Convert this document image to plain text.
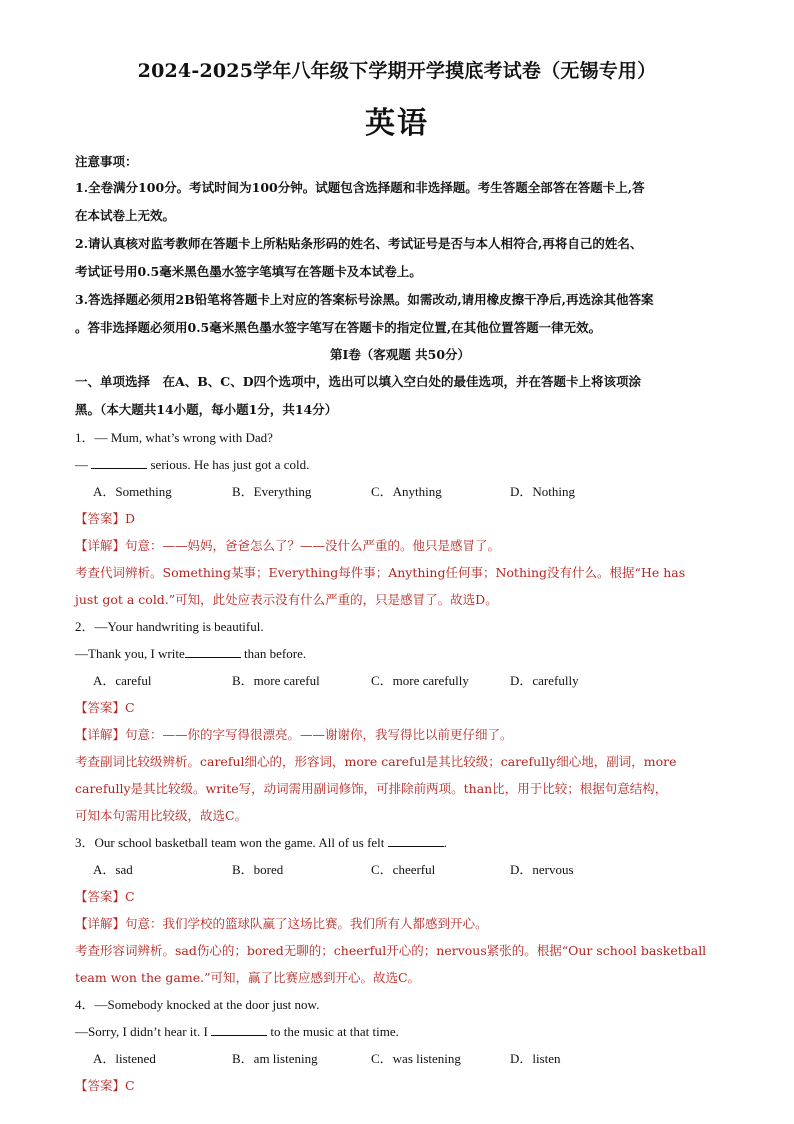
2024-2025学年八年级下学期开学摸底考试卷（无锡专用）
英语
注意事项：
1.全卷满分100分。考试时间为100分钟。试题包含选择题和非选择题。考生答题全部答在答题卡上,答
在本试卷上无效。
2.请认真核对监考教师在答题卡上所粘贴条形码的姓名、考试证号是否与本人相符合,再将自己的姓名、
考试证号用0.5毫米黑色墨水签字笔填写在答题卡及本试卷上。
3.答选择题必须用2B铅笔将答题卡上对应的答案标号涂黑。如需改动,请用橡皮擦干净后,再选涂其他答案
。答非选择题必须用0.5毫米黑色墨水签字笔写在答题卡的指定位置,在其他位置答题一律无效。
第I卷（客观题 共50分）
一、单项选择　在A、B、C、D四个选项中，选出可以填入空白处的最佳选项，并在答题卡上将该项涂
黑。（本大题共14小题，每小题1分，共14分）
1．— Mum, what’s wrong with Dad?
—	serious. He has just got a cold.
A．Something	B．Everything	C．Anything	D．Nothing
【答案】D
【详解】句意：——妈妈，爸爸怎么了？——没什么严重的。他只是感冒了。
考查代词辨析。Something某事；Everything每件事；Anything任何事；Nothing没有什么。根据“He has
just got a cold.”可知，此处应表示没有什么严重的，只是感冒了。故选D。
2．—Your handwriting is beautiful.
—Thank you, I write	than before.
A．careful	B．more careful	C．more carefully	D．carefully
【答案】C
【详解】句意：——你的字写得很漂亮。——谢谢你，我写得比以前更仔细了。
考查副词比较级辨析。careful细心的，形容词，more careful是其比较级；carefully细心地，副词，more
carefully是其比较级。write写，动词需用副词修饰，可排除前两项。than比，用于比较；根据句意结构，
可知本句需用比较级，故选C。
3．Our school basketball team won the game. All of us felt	.
A．sad	B．bored	C．cheerful	D．nervous
【答案】C
【详解】句意：我们学校的篮球队赢了这场比赛。我们所有人都感到开心。
考查形容词辨析。sad伤心的；bored无聊的；cheerful开心的；nervous紧张的。根据“Our school basketball
team won the game.”可知，赢了比赛应感到开心。故选C。
4．—Somebody knocked at the door just now.
—Sorry, I didn’t hear it. I	to the music at that time.
A．listened	B．am listening	C．was listening	D．listen
【答案】C
